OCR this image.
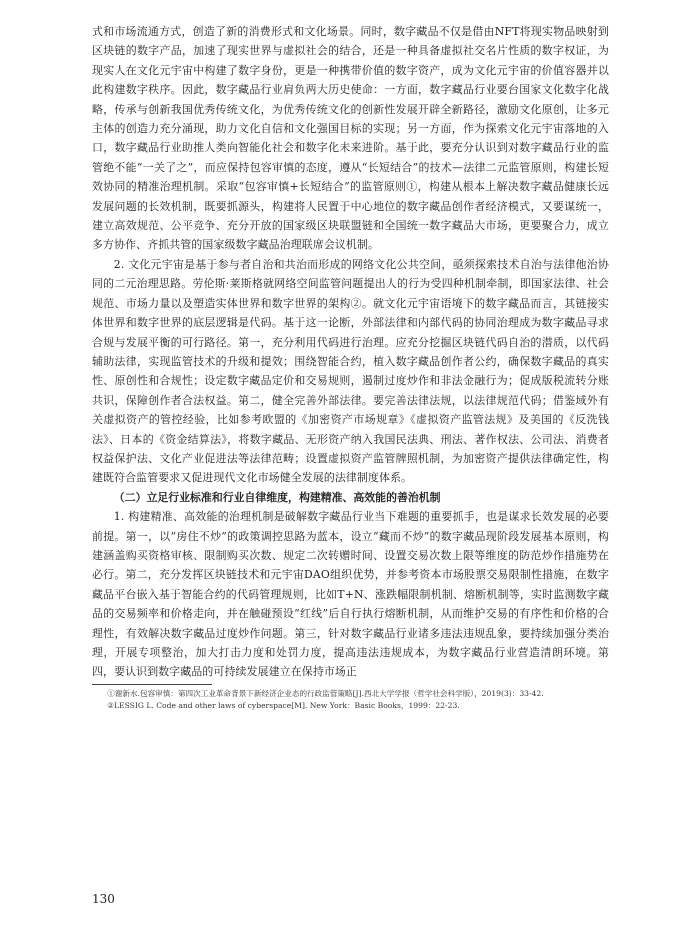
式和市场流通方式，创造了新的消费形式和文化场景。同时，数字藏品不仅是借由NFT将现实物品映射到区块链的数字产品，加速了现实世界与虚拟社会的结合，还是一种具备虚拟社交名片性质的数字权证，为现实人在文化元宇宙中构建了数字身份，更是一种携带价值的数字资产，成为文化元宇宙的价值容器并以此构建数字秩序。因此，数字藏品行业肩负两大历史使命：一方面，数字藏品行业要台国家文化数字化战略，传承与创新我国优秀传统文化，为优秀传统文化的创新性发展开辟全新路径，激励文化原创，让多元主体的创造力充分涌现，助力文化自信和文化强国目标的实现；另一方面，作为探索文化元宇宙落地的入口，数字藏品行业助推人类向智能化社会和数字化未来进阶。基于此，要充分认识到对数字藏品行业的监管绝不能“一关了之”，而应保持包容审慎的态度，遵从“长短结合”的技术—法律二元监管原则，构建长短效协同的精准治理机制。采取“包容审慎+长短结合”的监管原则①，构建从根本上解决数字藏品健康长远发展问题的长效机制，既要抓源头，构建将人民置于中心地位的数字藏品创作者经济模式，又要谋统一，建立高效规范、公平竞争、充分开放的国家级区块联盟链和全国统一数字藏品大市场，更要聚合力，成立多方协作、齐抓共管的国家级数字藏品治理联席会议机制。

2. 文化元宇宙是基于参与者自治和共治而形成的网络文化公共空间，亟须探索技术自治与法律他治协同的二元治理思路。劳伦斯·莱斯格就网络空间监管问题提出人的行为受四种机制牵制，即国家法律、社会规范、市场力量以及塑造实体世界和数字世界的架构②。就文化元宇宙语境下的数字藏品而言，其链接实体世界和数字世界的底层逻辑是代码。基于这一论断，外部法律和内部代码的协同治理成为数字藏品寻求合规与发展平衡的可行路径。第一，充分利用代码进行治理。应充分挖掘区块链代码自治的潜质，以代码辅助法律，实现监管技术的升级和提效；围绕智能合约，植入数字藏品创作者公约，确保数字藏品的真实性、原创性和合规性；设定数字藏品定价和交易规则，遏制过度炒作和非法金融行为；促成版税流转分账共识，保障创作者合法权益。第二，健全完善外部法律。要完善法律法规，以法律规范代码；借鉴域外有关虚拟资产的管控经验，比如参考欧盟的《加密资产市场规章》《虚拟资产监管法规》及美国的《反洗钱法》、日本的《资金结算法》，将数字藏品、无形资产纳入我国民法典、刑法、著作权法、公司法、消费者权益保护法、文化产业促进法等法律范畴；设置虚拟资产监管牌照机制，为加密资产提供法律确定性，构建既符合监管要求又促进现代文化市场健全发展的法律制度体系。

（二）立足行业标准和行业自律维度，构建精准、高效能的善治机制

1. 构建精准、高效能的治理机制是破解数字藏品行业当下难题的重要抓手，也是谋求长效发展的必要前提。第一，以“房住不炒”的政策调控思路为蓝本，设立“藏而不炒”的数字藏品现阶段发展基本原则，构建涵盖购买资格审核、限制购买次数、规定二次转赠时间、设置交易次数上限等维度的防范炒作措施势在必行。第二，充分发挥区块链技术和元宇宙DAO组织优势，并参考资本市场股票交易限制性措施，在数字藏品平台嵌入基于智能合约的代码管理规则，比如T+N、涨跌幅限制机制、熔断机制等，实时监测数字藏品的交易频率和价格走向，并在触碰预设“红线”后自行执行熔断机制，从而维护交易的有序性和价格的合理性，有效解决数字藏品过度炒作问题。第三，针对数字藏品行业诸多违法违规乱象，要持续加强分类治理，开展专项整治，加大打击力度和处罚力度，提高违法违规成本，为数字藏品行业营造清朗环境。第四，要认识到数字藏品的可持续发展建立在保持市场正

①谢新水.包容审慎：第四次工业革命背景下新经济企业态的行政监管策略[J].西北大学学报（哲学社会科学版），2019(3)：33-42.

②LESSIG L. Code and other laws of cyberspace[M]. New York：Basic Books，1999：22-23.

130
